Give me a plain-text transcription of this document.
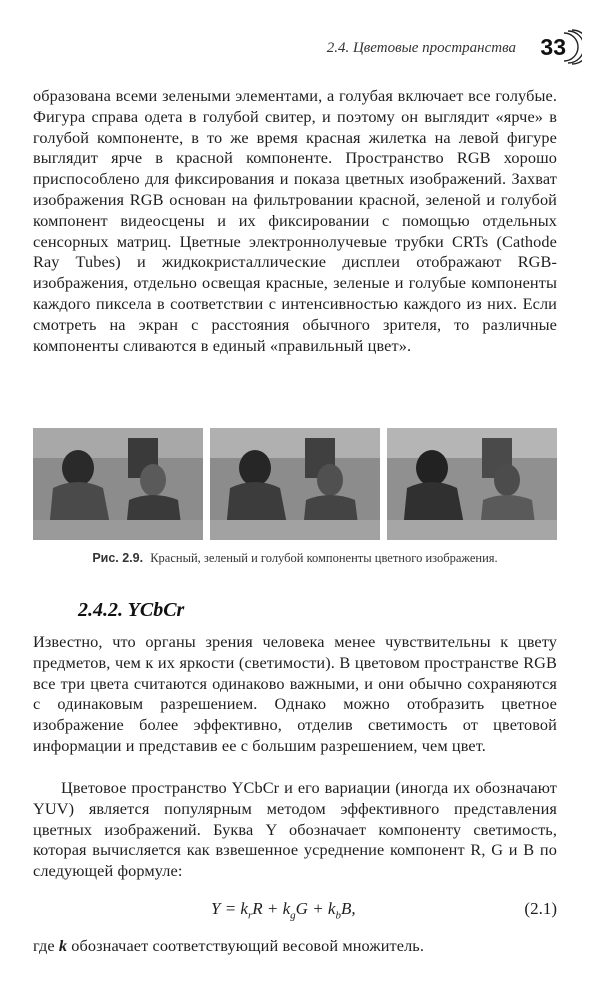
2.4. Цветовые пространства 33
образована всеми зелеными элементами, а голубая включает все голубые. Фигура справа одета в голубой свитер, и поэтому он выглядит «ярче» в голубой компоненте, в то же время красная жилетка на левой фигуре выглядит ярче в красной компоненте. Пространство RGB хорошо приспособлено для фиксирования и показа цветных изображений. Захват изображения RGB основан на фильтровании красной, зеленой и голубой компонент видеосцены и их фиксировании с помощью отдельных сенсорных матриц. Цветные электроннолучевые трубки CRTs (Cathode Ray Tubes) и жидкокристаллические дисплеи отображают RGB-изображения, отдельно освещая красные, зеленые и голубые компоненты каждого пиксела в соответствии с интенсивностью каждого из них. Если смотреть на экран с расстояния обычного зрителя, то различные компоненты сливаются в единый «правильный цвет».
Рис. 2.9. Красный, зеленый и голубой компоненты цветного изображения.
2.4.2. YCbCr
Известно, что органы зрения человека менее чувствительны к цвету предметов, чем к их яркости (светимости). В цветовом пространстве RGB все три цвета считаются одинаково важными, и они обычно сохраняются с одинаковым разрешением. Однако можно отобразить цветное изображение более эффективно, отделив светимость от цветовой информации и представив ее с большим разрешением, чем цвет.
Цветовое пространство YCbCr и его вариации (иногда их обозначают YUV) является популярным методом эффективного представления цветных изображений. Буква Y обозначает компоненту светимость, которая вычисляется как взвешенное усреднение компонент R, G и B по следующей формуле:
$Y = k_rR + k_gG + k_bB$,	(2.1)
где k обозначает соответствующий весовой множитель.
